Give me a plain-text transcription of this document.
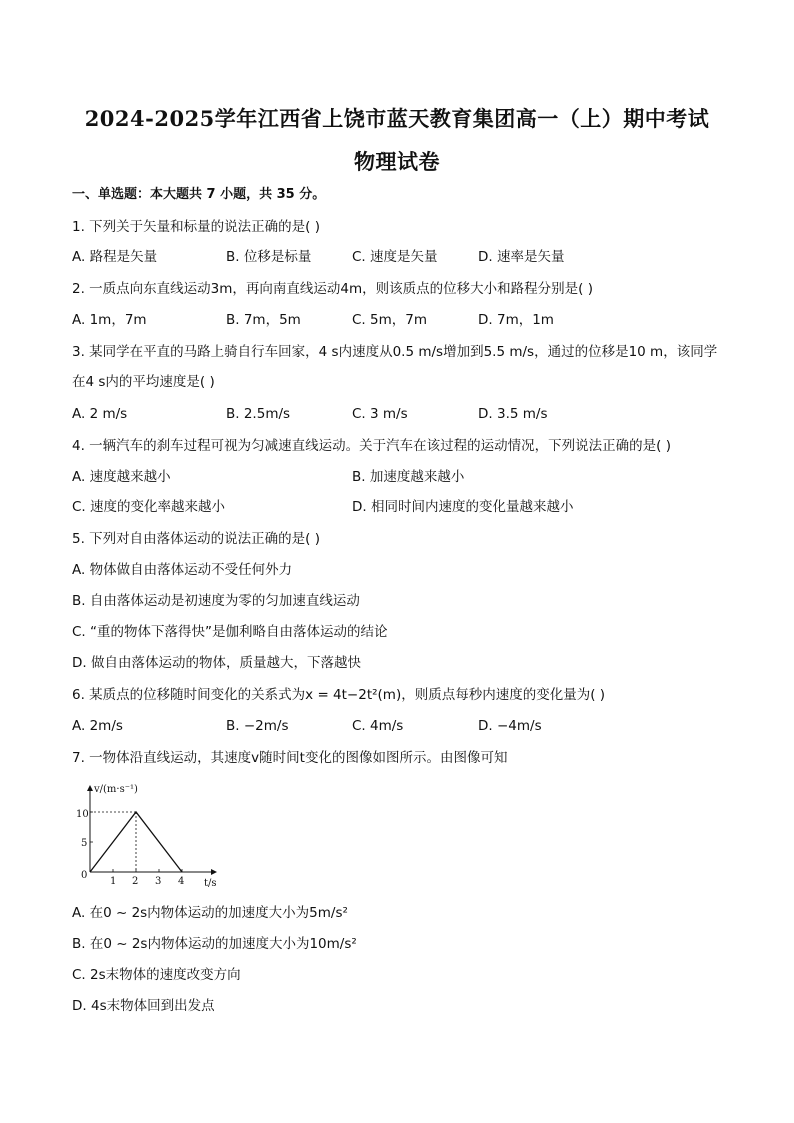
2024-2025学年江西省上饶市蓝天教育集团高一（上）期中考试
物理试卷
一、单选题：本大题共 7 小题，共 35 分。
1. 下列关于矢量和标量的说法正确的是( )
A. 路程是矢量	B. 位移是标量	C. 速度是矢量	D. 速率是矢量
2. 一质点向东直线运动3m，再向南直线运动4m，则该质点的位移大小和路程分别是( )
A. 1m，7m	B. 7m，5m	C. 5m，7m	D. 7m，1m
3. 某同学在平直的马路上骑自行车回家，4 s内速度从0.5 m/s增加到5.5 m/s，通过的位移是10 m，该同学
在4 s内的平均速度是( )
A. 2 m/s	B. 2.5m/s	C. 3 m/s	D. 3.5 m/s
4. 一辆汽车的刹车过程可视为匀减速直线运动。关于汽车在该过程的运动情况，下列说法正确的是( )
A. 速度越来越小	B. 加速度越来越小
C. 速度的变化率越来越小	D. 相同时间内速度的变化量越来越小
5. 下列对自由落体运动的说法正确的是( )
A. 物体做自由落体运动不受任何外力
B. 自由落体运动是初速度为零的匀加速直线运动
C. “重的物体下落得快”是伽利略自由落体运动的结论
D. 做自由落体运动的物体，质量越大，下落越快
6. 某质点的位移随时间变化的关系式为x = 4t−2t²(m)，则质点每秒内速度的变化量为( )
A. 2m/s	B. −2m/s	C. 4m/s	D. −4m/s
7. 一物体沿直线运动，其速度v随时间t变化的图像如图所示。由图像可知
v/(m·s⁻¹)
t/s
10
5
0
1 2 3 4
A. 在0 ~ 2s内物体运动的加速度大小为5m/s²
B. 在0 ~ 2s内物体运动的加速度大小为10m/s²
C. 2s末物体的速度改变方向
D. 4s末物体回到出发点
